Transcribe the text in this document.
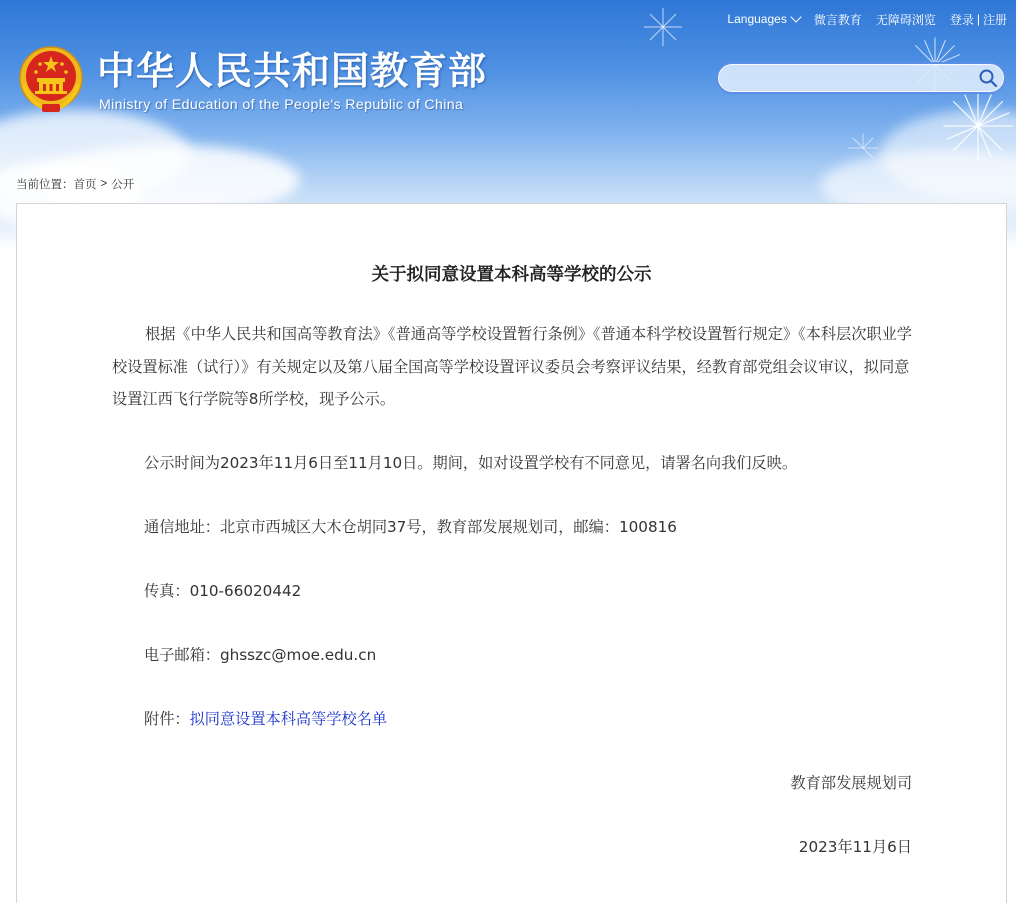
Languages 微言教育 无障碍浏览 登录 | 注册
中华人民共和国教育部
Ministry of Education of the People's Republic of China
当前位置： 首页 > 公开
关于拟同意设置本科高等学校的公示
根据《中华人民共和国高等教育法》《普通高等学校设置暂行条例》《普通本科学校设置暂行规定》《本科层次职业学校设置标准（试行）》有关规定以及第八届全国高等学校设置评议委员会考察评议结果，经教育部党组会议审议，拟同意设置江西飞行学院等8所学校，现予公示。
公示时间为2023年11月6日至11月10日。期间，如对设置学校有不同意见，请署名向我们反映。
通信地址：北京市西城区大木仓胡同37号，教育部发展规划司，邮编：100816
传真：010-66020442
电子邮箱：ghsszc@moe.edu.cn
附件：拟同意设置本科高等学校名单
教育部发展规划司
2023年11月6日
